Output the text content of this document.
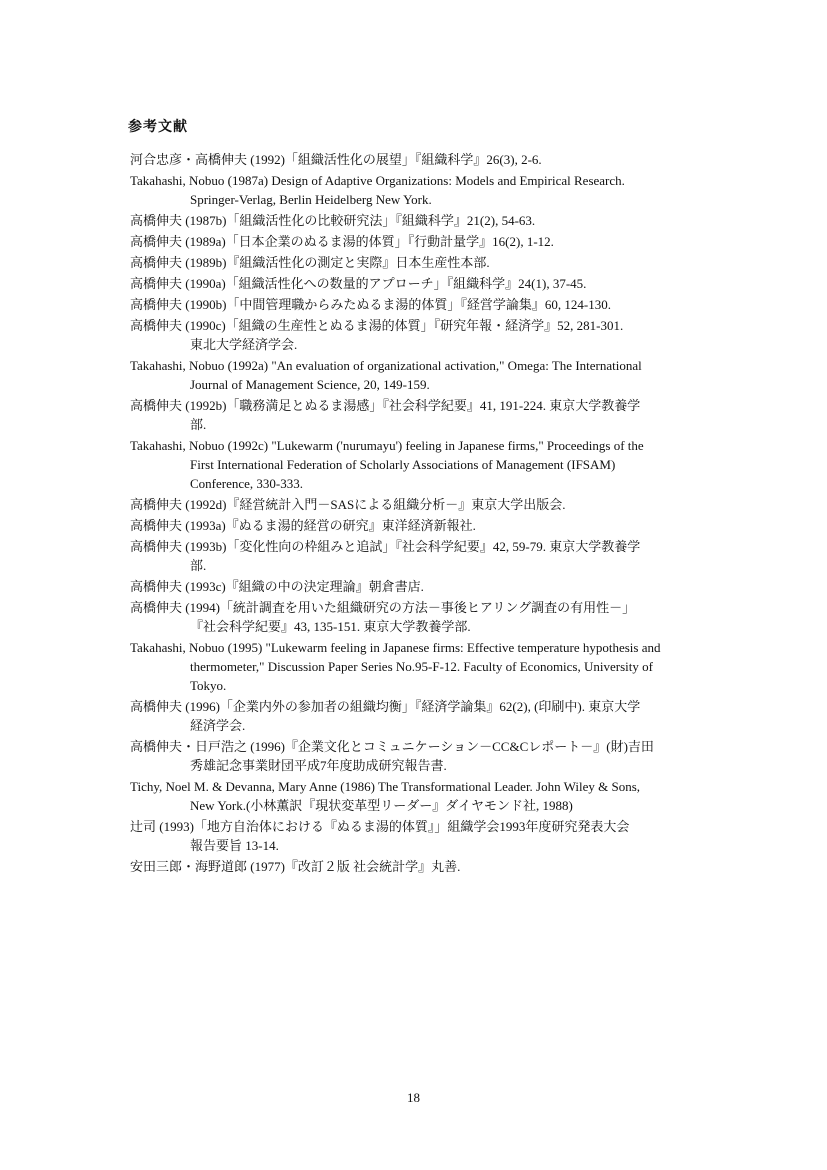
参考文献
河合忠彦・高橋伸夫 (1992)「組織活性化の展望」『組織科学』26(3), 2-6.
Takahashi, Nobuo (1987a) Design of Adaptive Organizations: Models and Empirical Research.

Springer-Verlag, Berlin Heidelberg New York.
高橋伸夫 (1987b)「組織活性化の比較研究法」『組織科学』21(2), 54-63.
高橋伸夫 (1989a)「日本企業のぬるま湯的体質」『行動計量学』16(2), 1-12.
高橋伸夫 (1989b)『組織活性化の測定と実際』日本生産性本部.
高橋伸夫 (1990a)「組織活性化への数量的アプローチ」『組織科学』24(1), 37-45.
高橋伸夫 (1990b)「中間管理職からみたぬるま湯的体質」『経営学論集』60, 124-130.
高橋伸夫 (1990c)「組織の生産性とぬるま湯的体質」『研究年報・経済学』52, 281-301.

東北大学経済学会.
Takahashi, Nobuo (1992a) "An evaluation of organizational activation," Omega: The International

Journal of Management Science, 20, 149-159.
高橋伸夫 (1992b)「職務満足とぬるま湯感」『社会科学紀要』41, 191-224. 東京大学教養学

部.
Takahashi, Nobuo (1992c) "Lukewarm ('nurumayu') feeling in Japanese firms," Proceedings of the

First International Federation of Scholarly Associations of Management (IFSAM)
Conference, 330-333.
高橋伸夫 (1992d)『経営統計入門－SASによる組織分析－』東京大学出版会.
高橋伸夫 (1993a)『ぬるま湯的経営の研究』東洋経済新報社.
高橋伸夫 (1993b)「変化性向の枠組みと追試」『社会科学紀要』42, 59-79. 東京大学教養学

部.
高橋伸夫 (1993c)『組織の中の決定理論』朝倉書店.
高橋伸夫 (1994)「統計調査を用いた組織研究の方法－事後ヒアリング調査の有用性－」

『社会科学紀要』43, 135-151. 東京大学教養学部.
Takahashi, Nobuo (1995) "Lukewarm feeling in Japanese firms: Effective temperature hypothesis and

thermometer," Discussion Paper Series No.95-F-12. Faculty of Economics, University of
Tokyo.
高橋伸夫 (1996)「企業内外の参加者の組織均衡」『経済学論集』62(2), (印刷中). 東京大学

経済学会.
高橋伸夫・日戸浩之 (1996)『企業文化とコミュニケーション－CC&Cレポート－』(財)吉田

秀雄記念事業財団平成7年度助成研究報告書.
Tichy, Noel M. & Devanna, Mary Anne (1986) The Transformational Leader. John Wiley & Sons,

New York.(小林薫訳『現状変革型リーダー』ダイヤモンド社, 1988)
辻司 (1993)「地方自治体における『ぬるま湯的体質』」組織学会1993年度研究発表大会

報告要旨 13-14.
安田三郎・海野道郎 (1977)『改訂２版 社会統計学』丸善.
18
